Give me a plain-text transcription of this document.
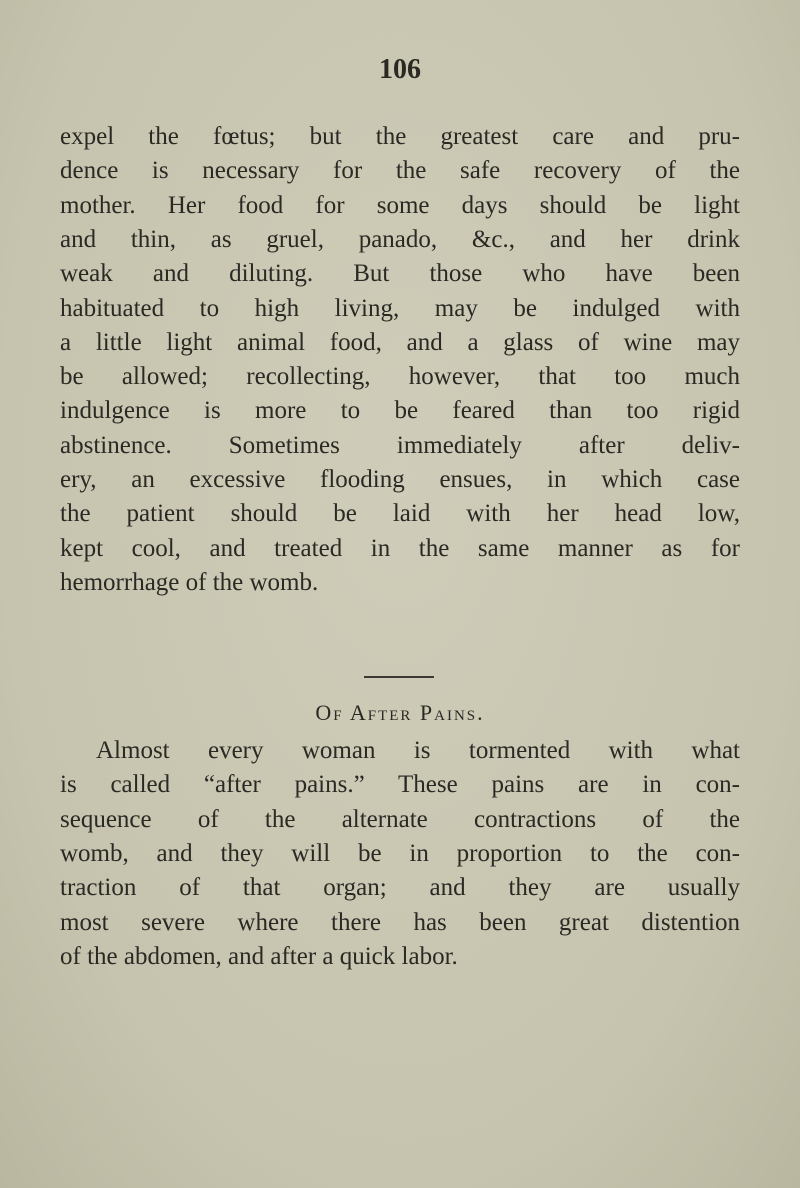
106
expel the fœtus; but the greatest care and pru-
dence is necessary for the safe recovery of the
mother. Her food for some days should be light
and thin, as gruel, panado, &c., and her drink
weak and diluting. But those who have been
habituated to high living, may be indulged with
a little light animal food, and a glass of wine may
be allowed; recollecting, however, that too much
indulgence is more to be feared than too rigid
abstinence. Sometimes immediately after deliv-
ery, an excessive flooding ensues, in which case
the patient should be laid with her head low,
kept cool, and treated in the same manner as for
hemorrhage of the womb.
Of After Pains.
Almost every woman is tormented with what
is called “after pains.” These pains are in con-
sequence of the alternate contractions of the
womb, and they will be in proportion to the con-
traction of that organ; and they are usually
most severe where there has been great distention
of the abdomen, and after a quick labor.
